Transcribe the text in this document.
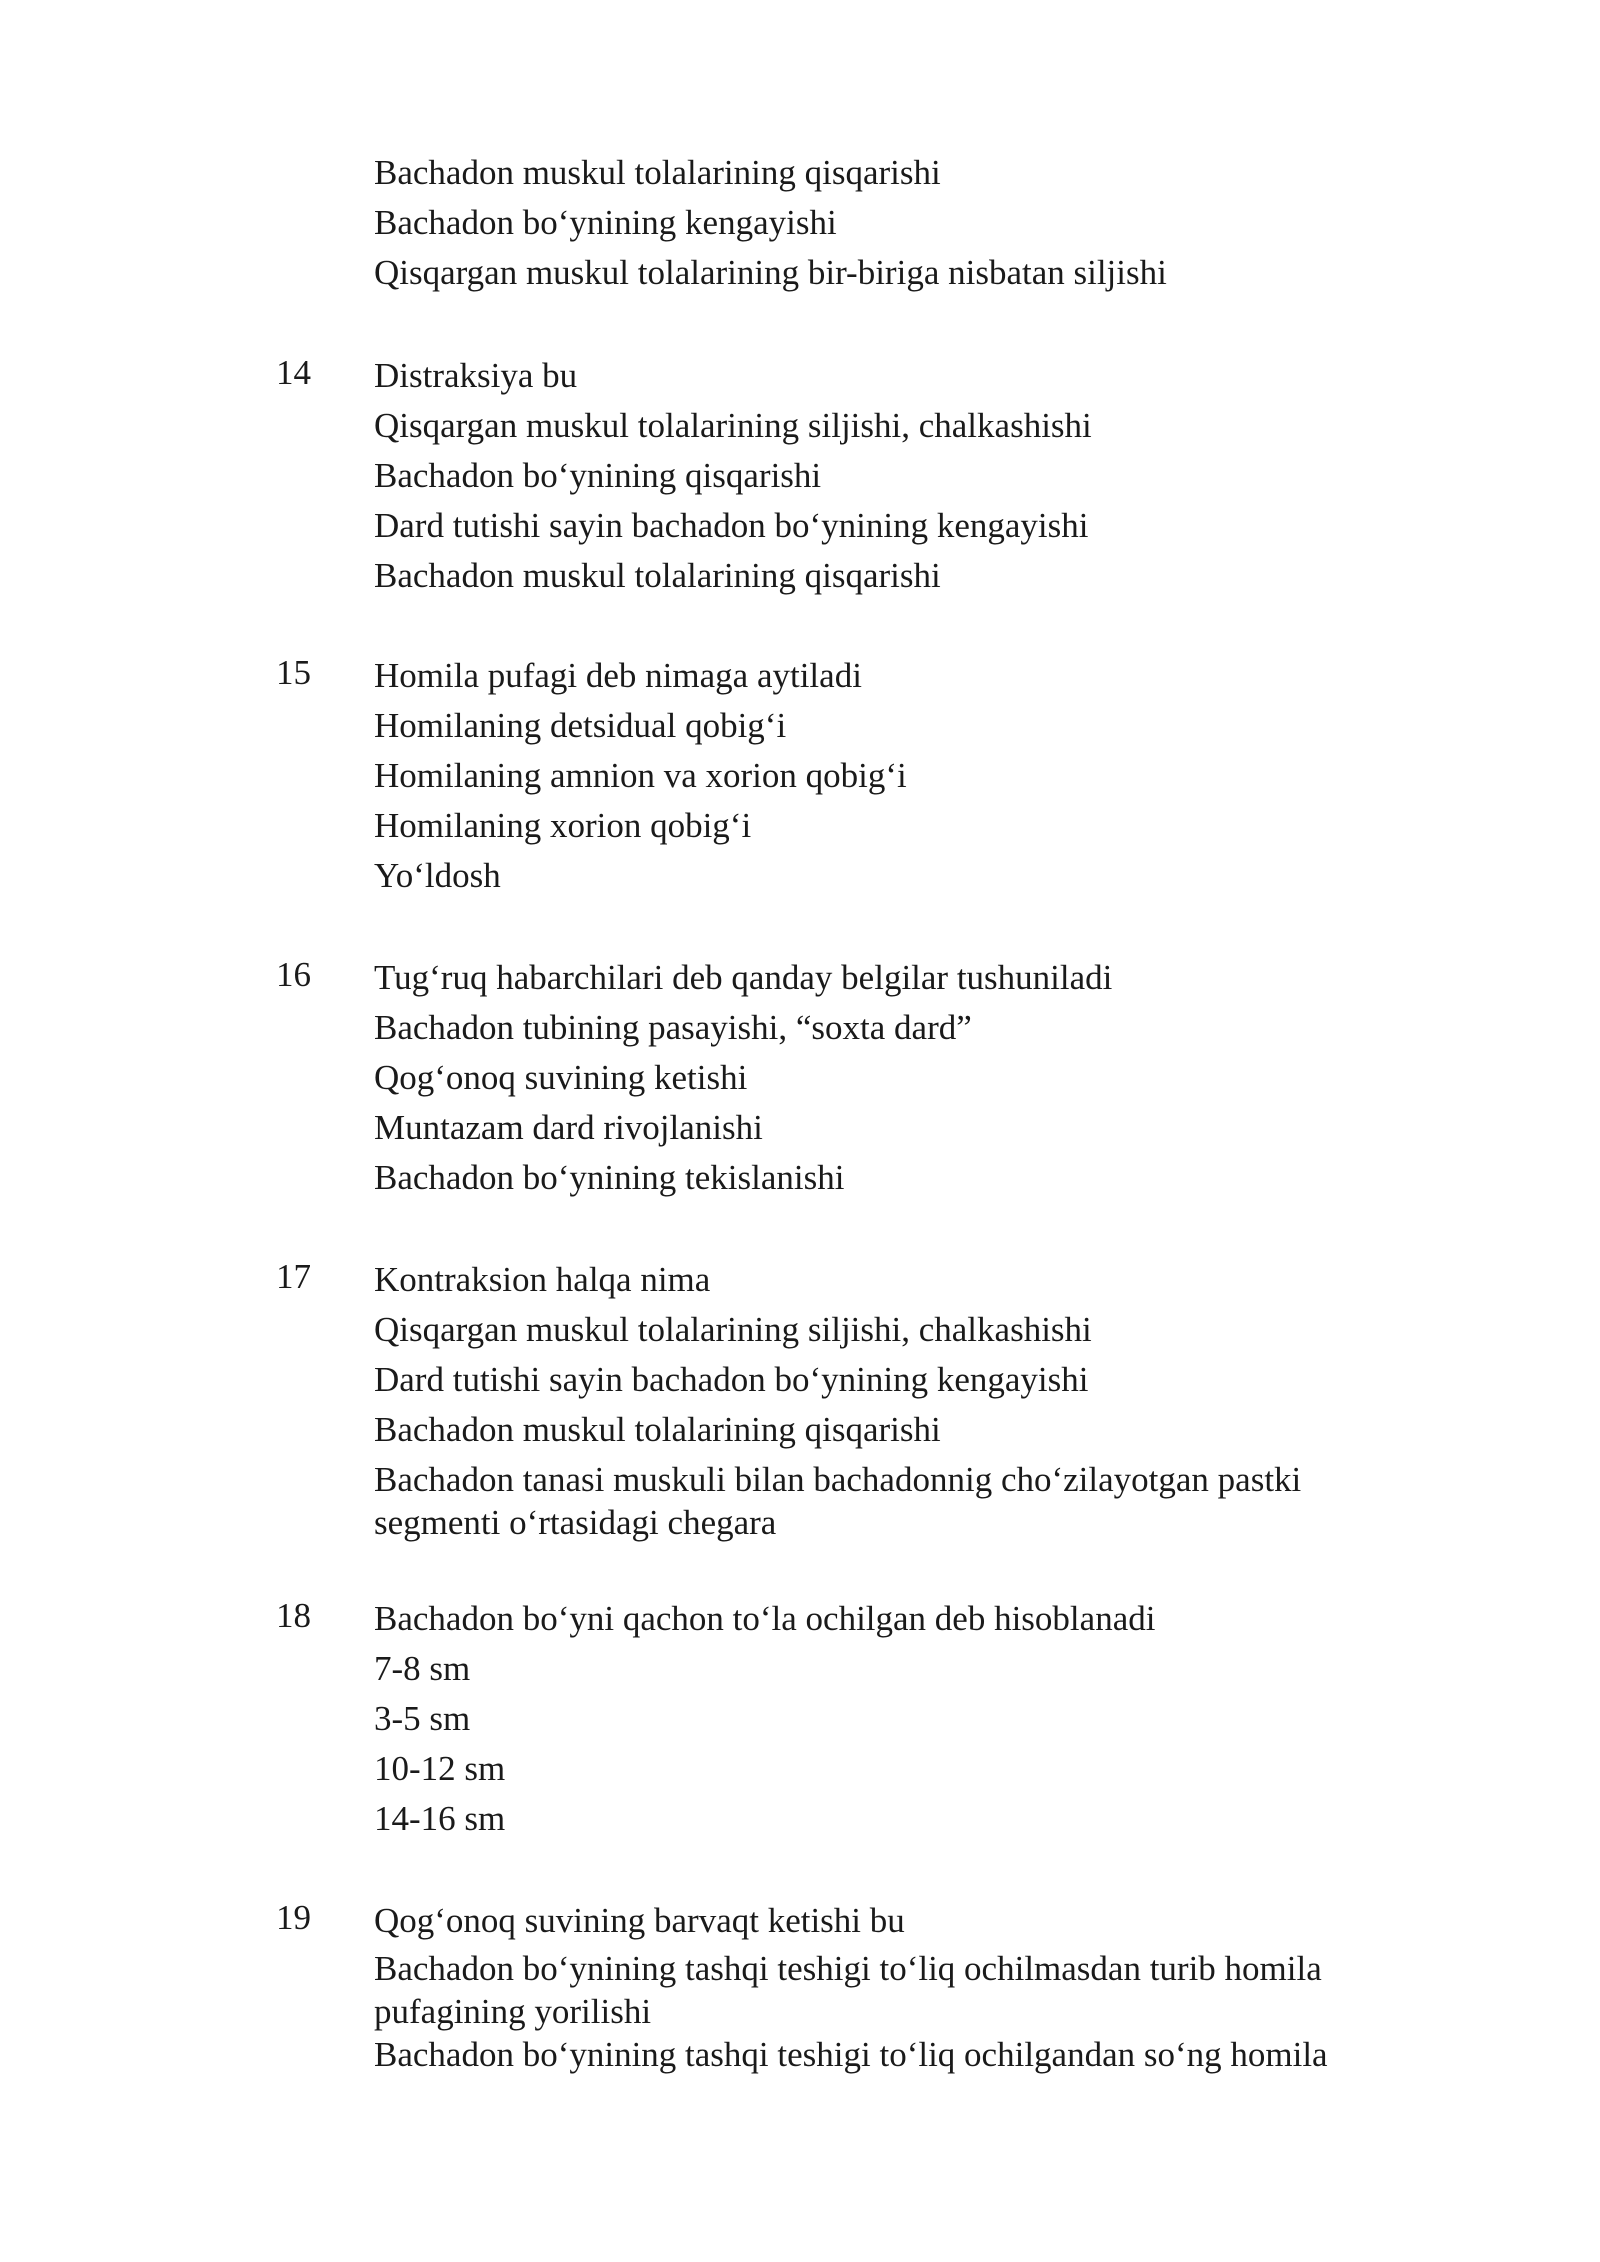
Bachadon muskul tolalarining qisqarishi
Bachadon bo‘ynining kengayishi
Qisqargan muskul tolalarining bir-biriga nisbatan siljishi
14 Distraksiya bu
Qisqargan muskul tolalarining siljishi, chalkashishi
Bachadon bo‘ynining qisqarishi
Dard tutishi sayin bachadon bo‘ynining kengayishi
Bachadon muskul tolalarining qisqarishi
15 Homila pufagi deb nimaga aytiladi
Homilaning detsidual qobig‘i
Homilaning amnion va xorion qobig‘i
Homilaning xorion qobig‘i
Yo‘ldosh
16 Tug‘ruq habarchilari deb qanday belgilar tushuniladi
Bachadon tubining pasayishi, “soxta dard”
Qog‘onoq suvining ketishi
Muntazam dard rivojlanishi
Bachadon bo‘ynining tekislanishi
17 Kontraksion halqa nima
Qisqargan muskul tolalarining siljishi, chalkashishi
Dard tutishi sayin bachadon bo‘ynining kengayishi
Bachadon muskul tolalarining qisqarishi
Bachadon tanasi muskuli bilan bachadonnig cho‘zilayotgan pastki
segmenti o‘rtasidagi chegara
18 Bachadon bo‘yni qachon to‘la ochilgan deb hisoblanadi
7-8 sm
3-5 sm
10-12 sm
14-16 sm
19 Qog‘onoq suvining barvaqt ketishi bu
Bachadon bo‘ynining tashqi teshigi to‘liq ochilmasdan turib homila
pufagining yorilishi
Bachadon bo‘ynining tashqi teshigi to‘liq ochilgandan so‘ng homila
